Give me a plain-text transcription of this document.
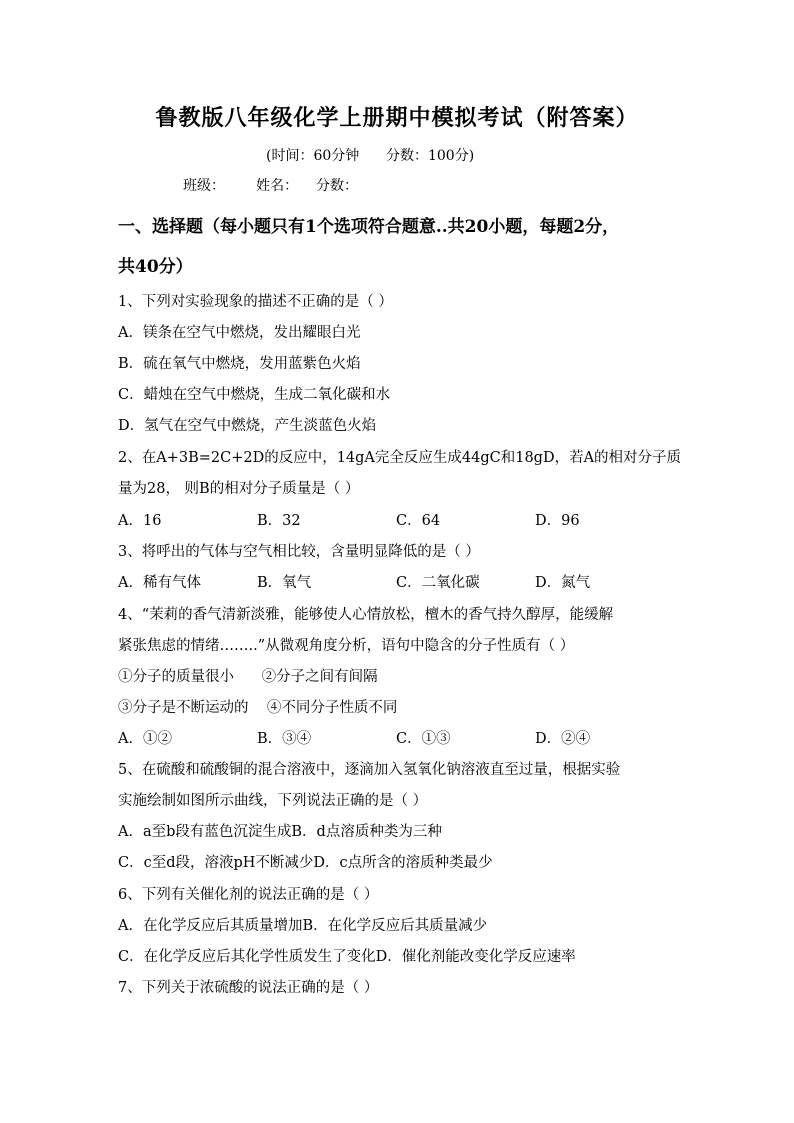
鲁教版八年级化学上册期中模拟考试（附答案）
(时间：60分钟      分数：100分)
班级：       姓名：    分数：
一、选择题（每小题只有1个选项符合题意..共20小题，每题2分，
共40分）
1、下列对实验现象的描述不正确的是（ ）
A．镁条在空气中燃烧，发出耀眼白光
B．硫在氧气中燃烧，发用蓝紫色火焰
C．蜡烛在空气中燃烧，生成二氧化碳和水
D．氢气在空气中燃烧，产生淡蓝色火焰
2、在A+3B=2C+2D的反应中，14gA完全反应生成44gC和18gD，若A的相对分子质
量为28， 则B的相对分子质量是（ ）
A．16	B．32	C．64	D．96
3、将呼出的气体与空气相比较，含量明显降低的是（ ）
A．稀有气体	B．氧气	C．二氧化碳	D．氮气
4、“茉莉的香气清新淡雅，能够使人心情放松，檀木的香气持久醇厚，能缓解
紧张焦虑的情绪……..”从微观角度分析，语句中隐含的分子性质有（ ）
①分子的质量很小      ②分子之间有间隔
③分子是不断运动的    ④不同分子性质不同
A．①②	B．③④	C．①③	D．②④
5、在硫酸和硫酸铜的混合溶液中，逐滴加入氢氧化钠溶液直至过量，根据实验
实施绘制如图所示曲线，下列说法正确的是（ ）
A．a至b段有蓝色沉淀生成B．d点溶质种类为三种
C．c至d段，溶液pH不断减少D．c点所含的溶质种类最少
6、下列有关催化剂的说法正确的是（ ）
A．在化学反应后其质量增加B．在化学反应后其质量减少
C．在化学反应后其化学性质发生了变化D．催化剂能改变化学反应速率
7、下列关于浓硫酸的说法正确的是（ ）
